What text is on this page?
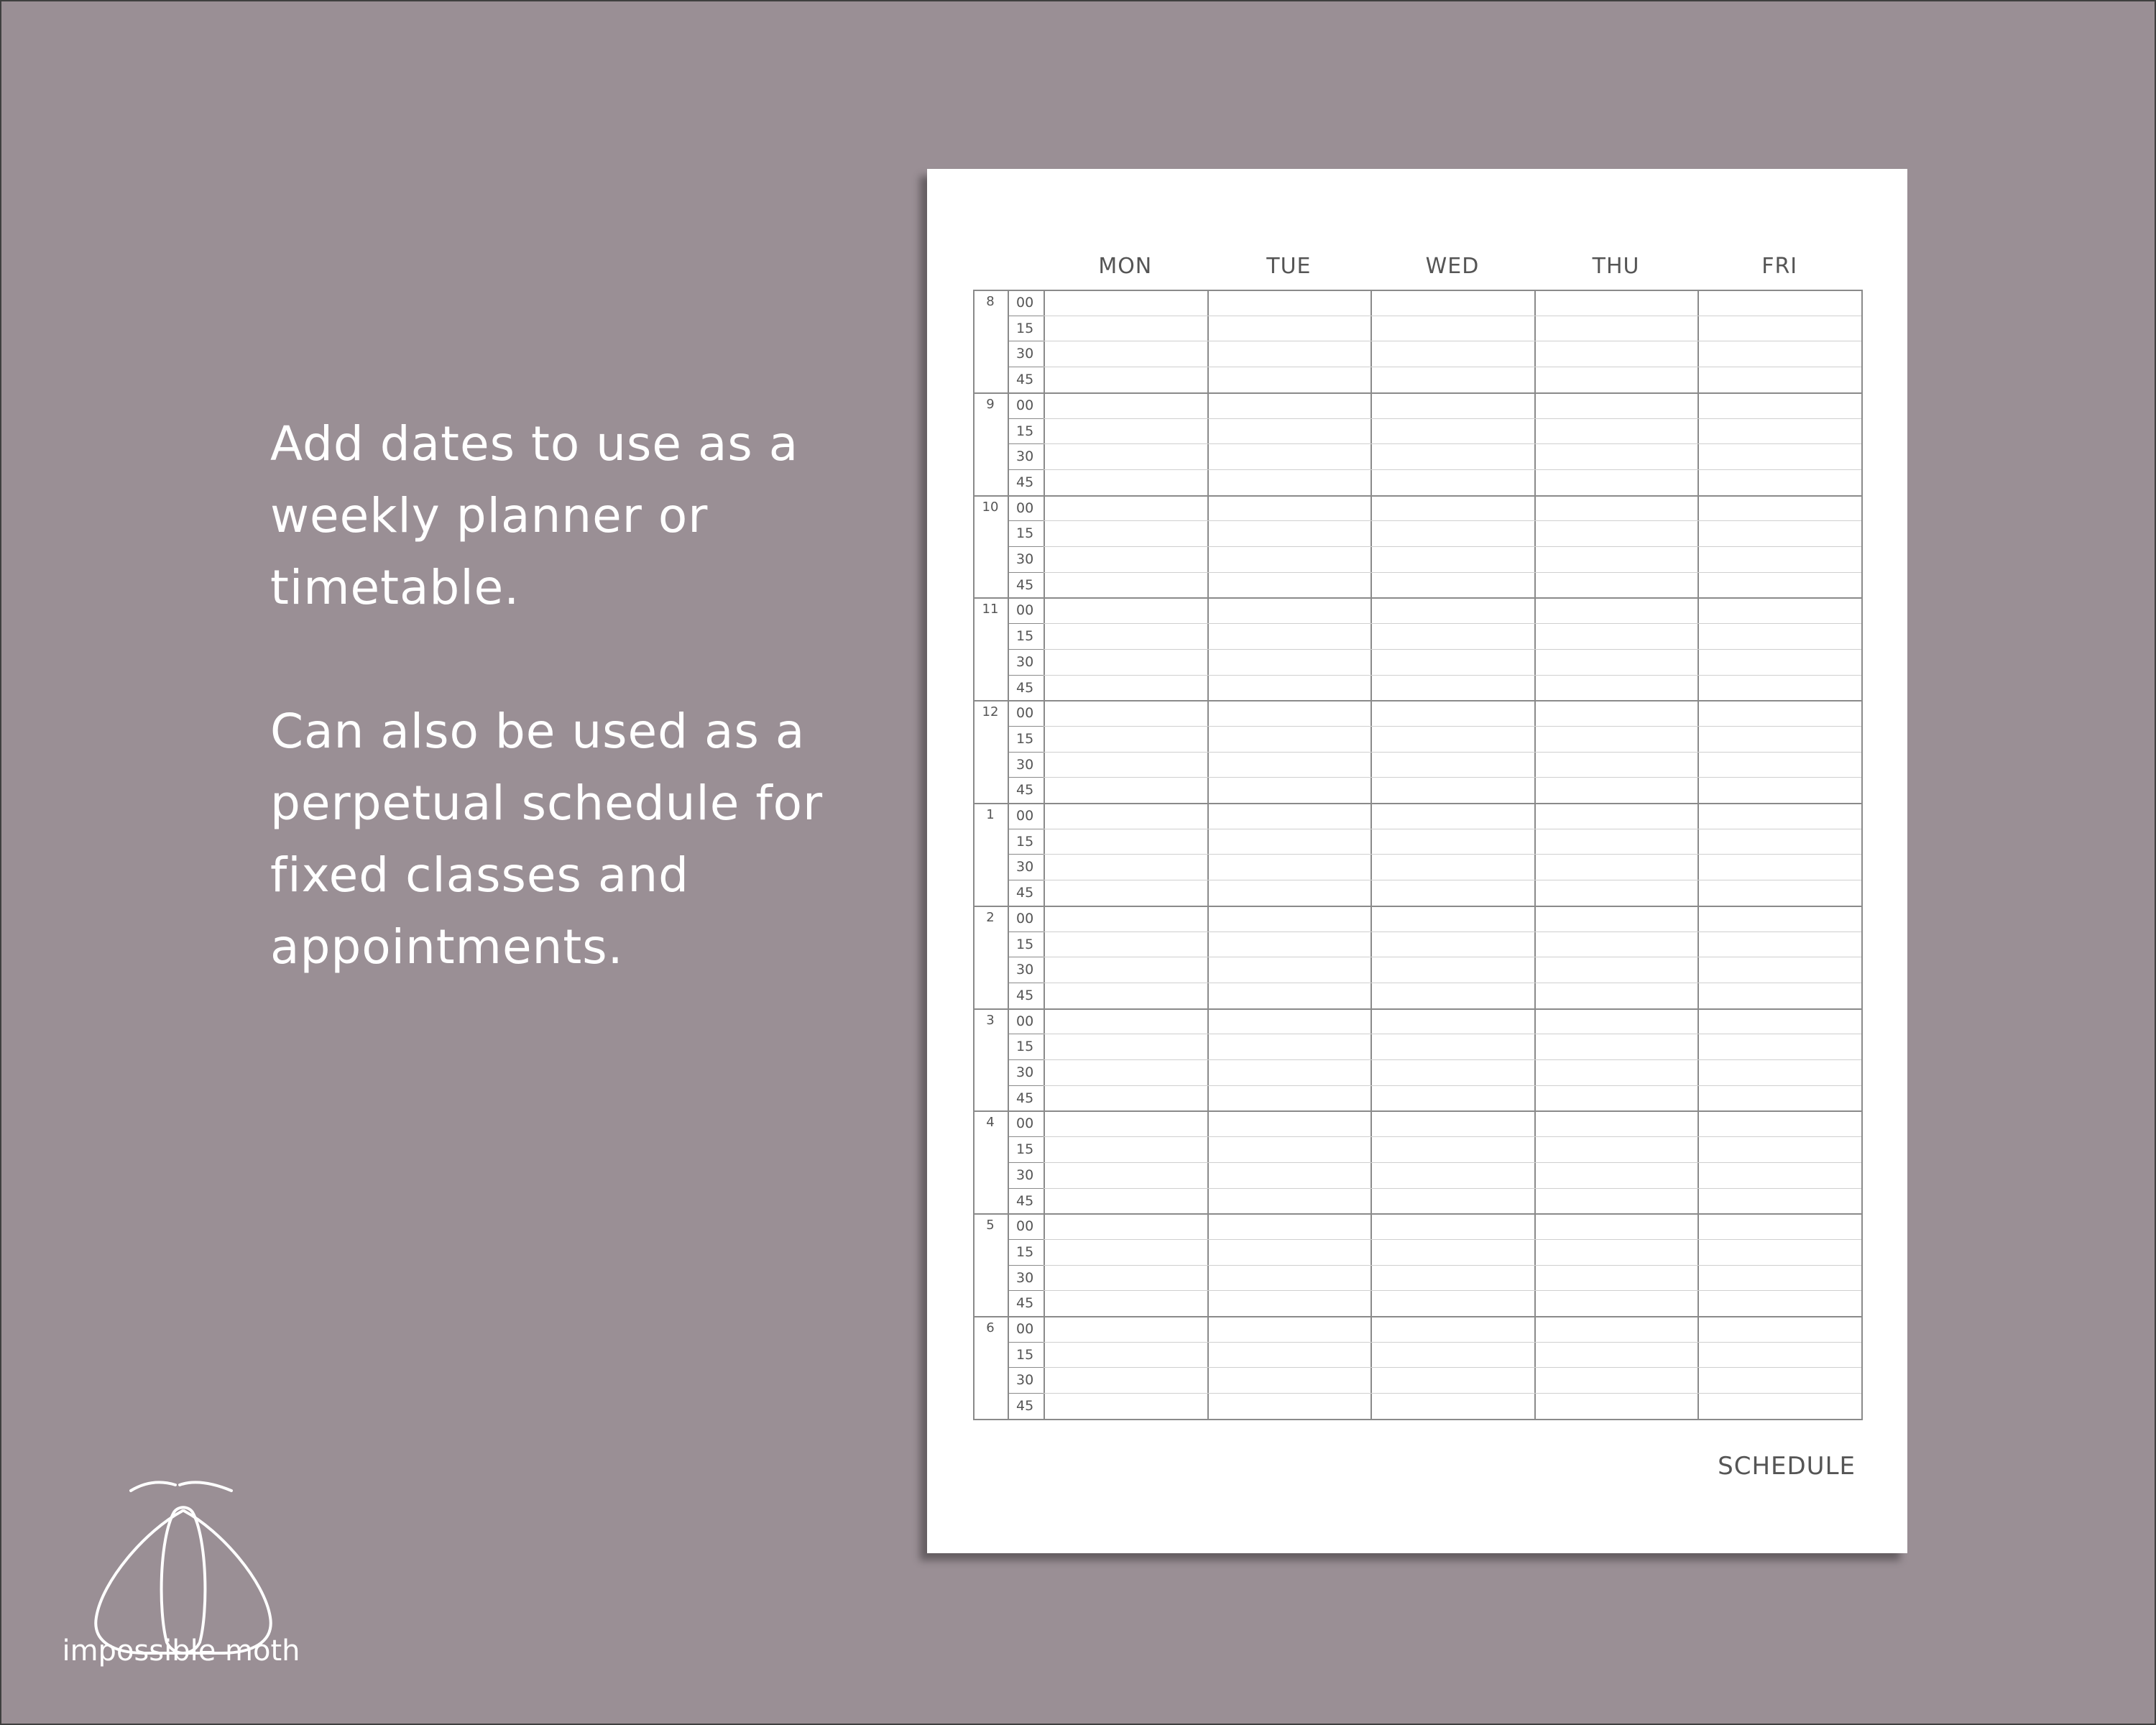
Add dates to use as a weekly planner or timetable.

Can also be used as a perpetual schedule for fixed classes and appointments.

MON	TUE	WED	THU	FRI
8	00
15
30
45
9	00
15
30
45
10	00
15
30
45
11	00
15
30
45
12	00
15
30
45
1	00
15
30
45
2	00
15
30
45
3	00
15
30
45
4	00
15
30
45
5	00
15
30
45
6	00
15
30
45
SCHEDULE
impossible moth
